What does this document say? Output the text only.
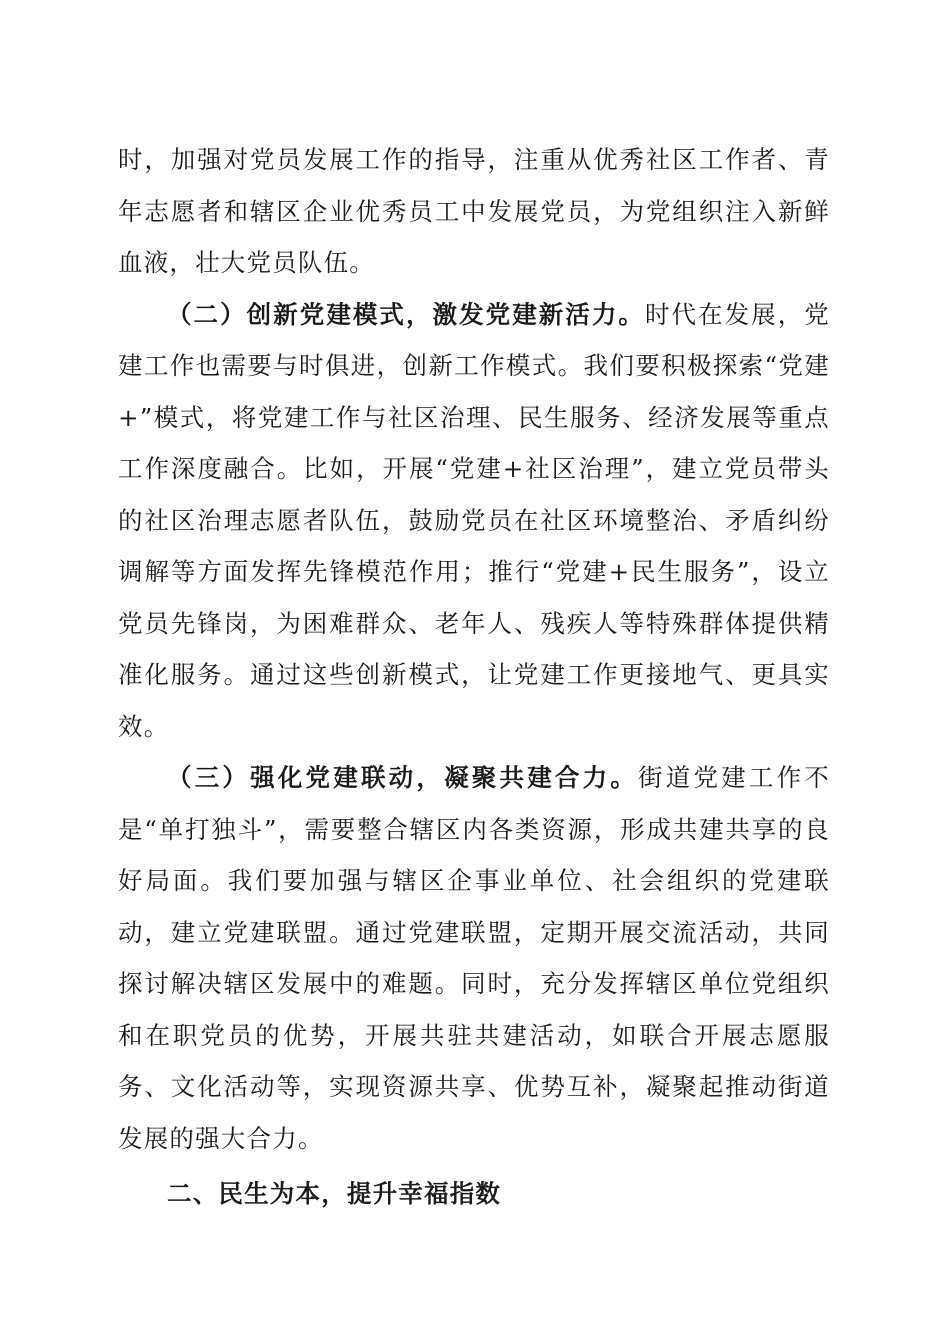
时，加强对党员发展工作的指导，注重从优秀社区工作者、青年志愿者和辖区企业优秀员工中发展党员，为党组织注入新鲜血液，壮大党员队伍。

（二）创新党建模式，激发党建新活力。时代在发展，党建工作也需要与时俱进，创新工作模式。我们要积极探索“党建+”模式，将党建工作与社区治理、民生服务、经济发展等重点工作深度融合。比如，开展“党建+社区治理”，建立党员带头的社区治理志愿者队伍，鼓励党员在社区环境整治、矛盾纠纷调解等方面发挥先锋模范作用；推行“党建+民生服务”，设立党员先锋岗，为困难群众、老年人、残疾人等特殊群体提供精准化服务。通过这些创新模式，让党建工作更接地气、更具实效。

（三）强化党建联动，凝聚共建合力。街道党建工作不是“单打独斗”，需要整合辖区内各类资源，形成共建共享的良好局面。我们要加强与辖区企事业单位、社会组织的党建联动，建立党建联盟。通过党建联盟，定期开展交流活动，共同探讨解决辖区发展中的难题。同时，充分发挥辖区单位党组织和在职党员的优势，开展共驻共建活动，如联合开展志愿服务、文化活动等，实现资源共享、优势互补，凝聚起推动街道发展的强大合力。

二、民生为本，提升幸福指数
